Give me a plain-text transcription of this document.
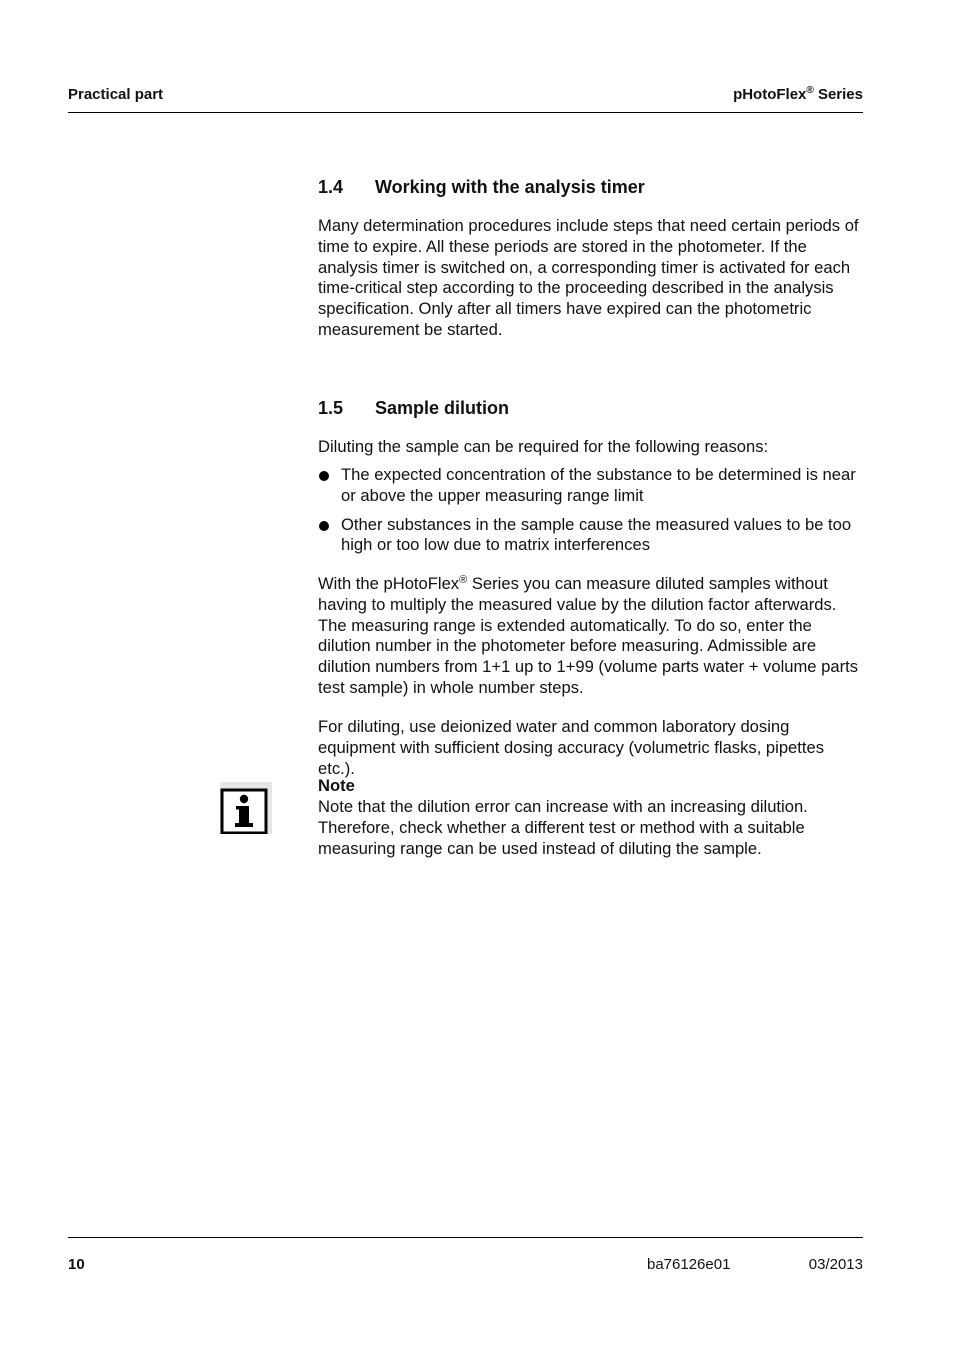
Practical part	pHotoFlex® Series
1.4 Working with the analysis timer
Many determination procedures include steps that need certain periods of time to expire. All these periods are stored in the photometer. If the analysis timer is switched on, a corresponding timer is activated for each time-critical step according to the proceeding described in the analysis specification. Only after all timers have expired can the photometric measurement be started.
1.5 Sample dilution
Diluting the sample can be required for the following reasons:
The expected concentration of the substance to be determined is near or above the upper measuring range limit
Other substances in the sample cause the measured values to be too high or too low due to matrix interferences
With the pHotoFlex® Series you can measure diluted samples without having to multiply the measured value by the dilution factor afterwards. The measuring range is extended automatically. To do so, enter the dilution number in the photometer before measuring. Admissible are dilution numbers from 1+1 up to 1+99 (volume parts water + volume parts test sample) in whole number steps.
For diluting, use deionized water and common laboratory dosing equipment with sufficient dosing accuracy (volumetric flasks, pipettes etc.).
Note
Note that the dilution error can increase with an increasing dilution. Therefore, check whether a different test or method with a suitable measuring range can be used instead of diluting the sample.
10	ba76126e01	03/2013
